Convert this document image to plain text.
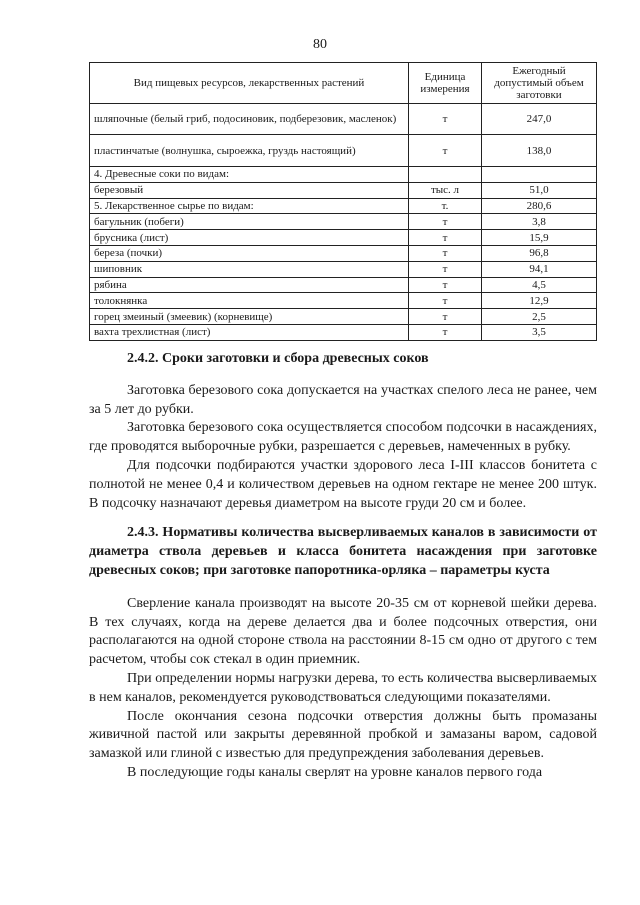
80
Вид пищевых ресурсов, лекарственных растений	Единица измерения	Ежегодный допустимый объем заготовки
шляпочные (белый гриб, подосиновик, подберезовик, масленок)	т	247,0
пластинчатые (волнушка, сыроежка, груздь настоящий)	т	138,0
4. Древесные соки по видам:		
березовый	тыс. л	51,0
5. Лекарственное сырье по видам:	т.	280,6
багульник (побеги)	т	3,8
брусника (лист)	т	15,9
береза (почки)	т	96,8
шиповник	т	94,1
рябина	т	4,5
толокнянка	т	12,9
горец змеиный (змеевик) (корневище)	т	2,5
вахта трехлистная (лист)	т	3,5

2.4.2. Сроки заготовки и сбора древесных соков

Заготовка березового сока допускается на участках спелого леса не ранее, чем за 5 лет до рубки.

Заготовка березового сока осуществляется способом подсочки в насаждениях, где проводятся выборочные рубки, разрешается с деревьев, намеченных в рубку.

Для подсочки подбираются участки здорового леса I-III классов бонитета с полнотой не менее 0,4 и количеством деревьев на одном гектаре не менее 200 штук. В подсочку назначают деревья диаметром на высоте груди 20 см и более.

2.4.3. Нормативы количества высверливаемых каналов в зависимости от диаметра ствола деревьев и класса бонитета насаждения при заготовке древесных соков; при заготовке папоротника-орляка – параметры куста

Сверление канала производят на высоте 20-35 см от корневой шейки дерева. В тех случаях, когда на дереве делается два и более подсочных отверстия, они располагаются на одной стороне ствола на расстоянии 8-15 см одно от другого с тем расчетом, чтобы сок стекал в один приемник.

При определении нормы нагрузки дерева, то есть количества высверливаемых в нем каналов, рекомендуется руководствоваться следующими показателями.

После окончания сезона подсочки отверстия должны быть промазаны живичной пастой или закрыты деревянной пробкой и замазаны варом, садовой замазкой или глиной с известью для предупреждения заболевания деревьев.

В последующие годы каналы сверлят на уровне каналов первого года
